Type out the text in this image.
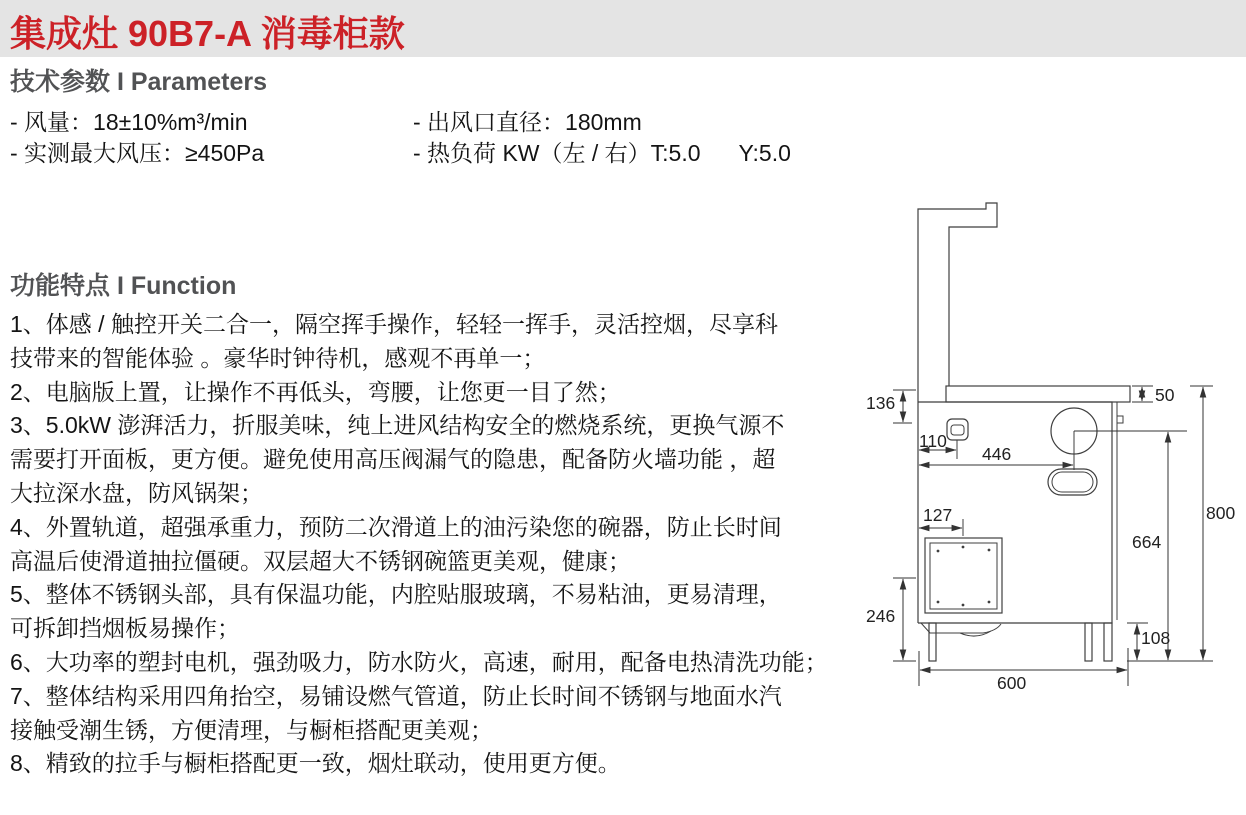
集成灶 90B7-A 消毒柜款
技术参数 I Parameters
- 风量：18±10%m³/min
- 实测最大风压：≥450Pa
- 出风口直径：180mm
- 热负荷 KW（左 / 右）T:5.0      Y:5.0
功能特点 I Function
1、体感 / 触控开关二合一，隔空挥手操作，轻轻一挥手，灵活控烟，尽享科
技带来的智能体验 。豪华时钟待机，感观不再单一；
2、电脑版上置，让操作不再低头，弯腰，让您更一目了然；
3、5.0kW 澎湃活力，折服美味，纯上进风结构安全的燃烧系统，更换气源不
需要打开面板，更方便。避免使用高压阀漏气的隐患，配备防火墙功能 ，超
大拉深水盘，防风锅架；
4、外置轨道，超强承重力，预防二次滑道上的油污染您的碗器，防止长时间
高温后使滑道抽拉僵硬。双层超大不锈钢碗篮更美观，健康；
5、整体不锈钢头部，具有保温功能，内腔贴服玻璃，不易粘油，更易清理，
可拆卸挡烟板易操作；
6、大功率的塑封电机，强劲吸力，防水防火，高速，耐用，配备电热清洗功能；
7、整体结构采用四角抬空，易铺设燃气管道，防止长时间不锈钢与地面水汽
接触受潮生锈，方便清理，与橱柜搭配更美观；
8、精致的拉手与橱柜搭配更一致，烟灶联动，使用更方便。
136
110
446
127
246
50
800
664
108
600
